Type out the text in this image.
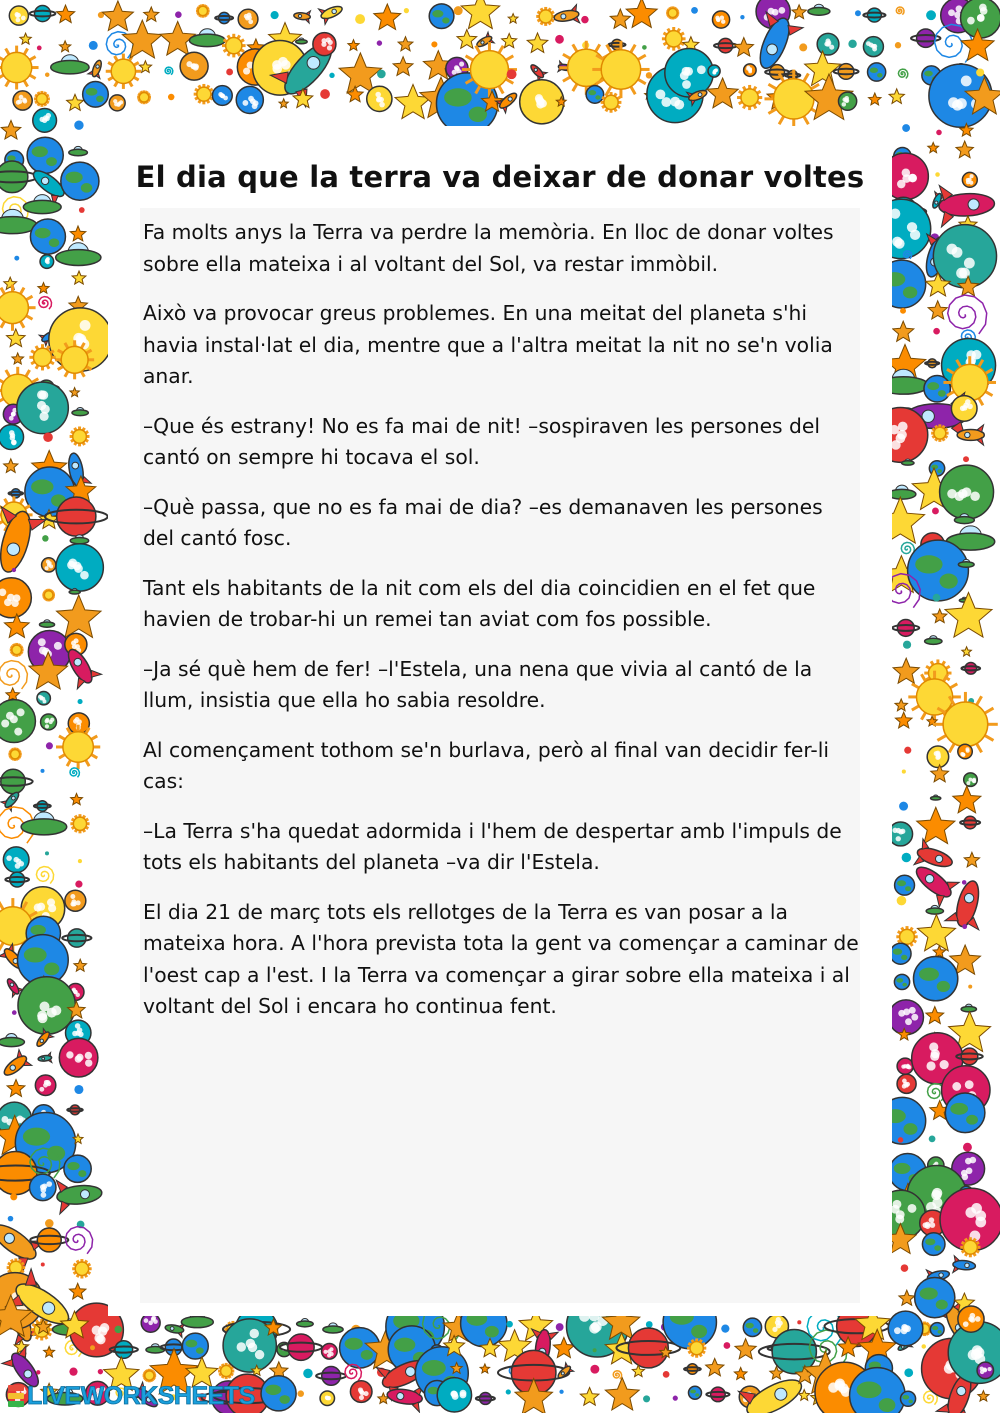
El dia que la terra va deixar de donar voltes

Fa molts anys la Terra va perdre la memòria. En lloc de donar voltes sobre ella mateixa i al voltant del Sol, va restar immòbil.

Això va provocar greus problemes. En una meitat del planeta s'hi havia instal·lat el dia, mentre que a l'altra meitat la nit no se'n volia anar.

–Que és estrany! No es fa mai de nit! –sospiraven les persones del cantó on sempre hi tocava el sol.

–Què passa, que no es fa mai de dia? –es demanaven les persones del cantó fosc.

Tant els habitants de la nit com els del dia coincidien en el fet que havien de trobar-hi un remei tan aviat com fos possible.

–Ja sé què hem de fer! –l'Estela, una nena que vivia al cantó de la llum, insistia que ella ho sabia resoldre.

Al començament tothom se'n burlava, però al final van decidir fer-li cas:

–La Terra s'ha quedat adormida i l'hem de despertar amb l'impuls de tots els habitants del planeta –va dir l'Estela.

El dia 21 de març tots els rellotges de la Terra es van posar a la mateixa hora. A l'hora prevista tota la gent va començar a caminar de l'oest cap a l'est. I la Terra va començar a girar sobre ella mateixa i al voltant del Sol i encara ho continua fent.

LIVEWORKSHEETS
